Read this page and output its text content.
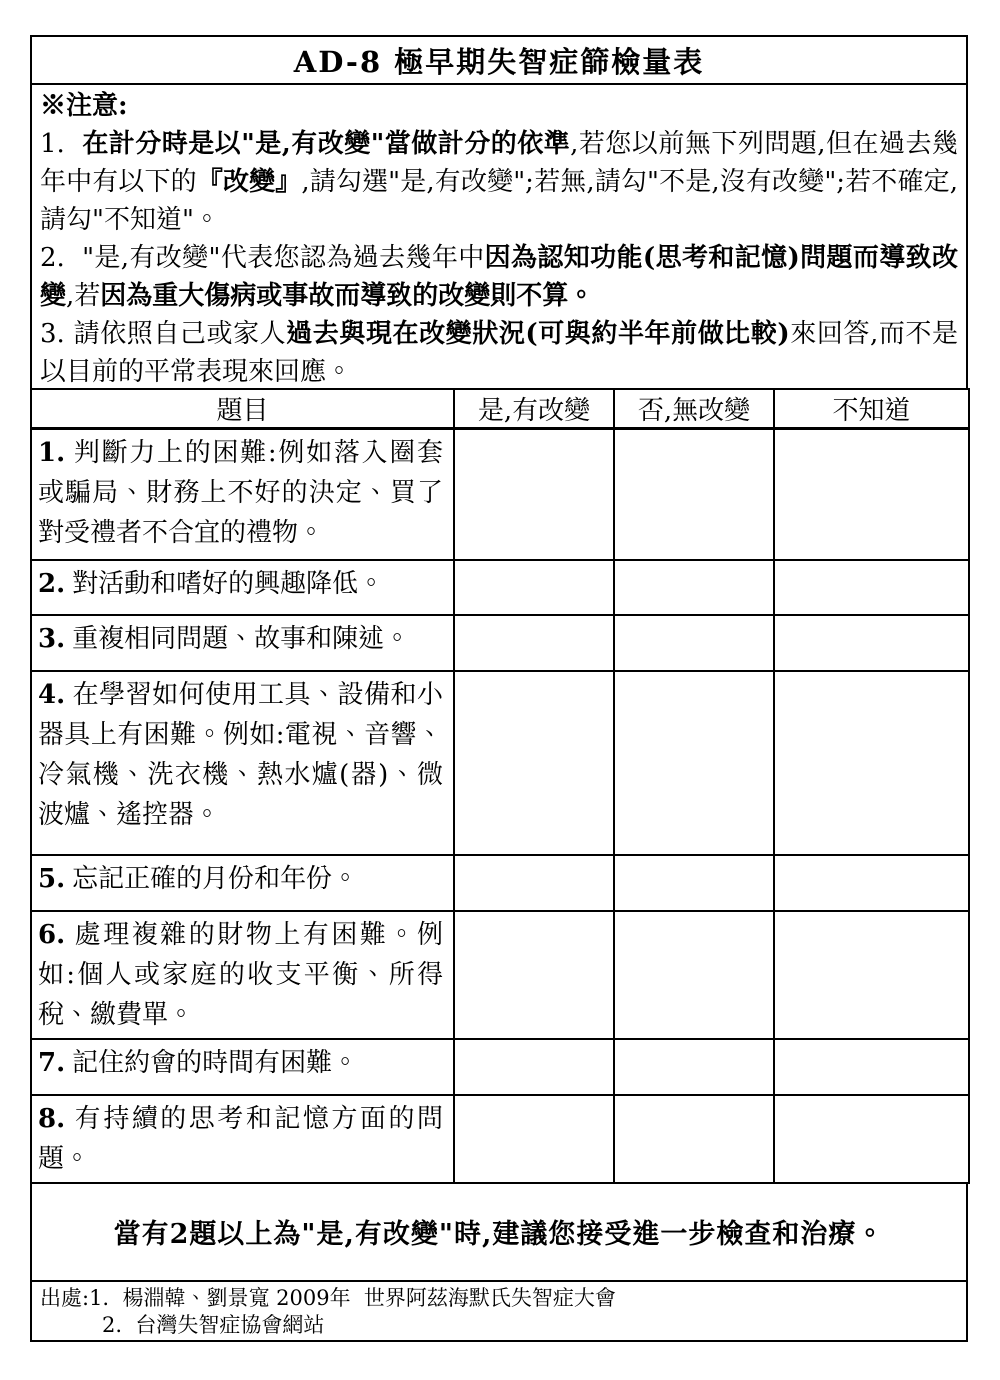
AD-8 極早期失智症篩檢量表
※注意:

1.  在計分時是以"是,有改變"當做計分的依準,若您以前無下列問題,但在過去幾年中有以下的『改變』,請勾選"是,有改變";若無,請勾"不是,沒有改變";若不確定,請勾"不知道"。

2.  "是,有改變"代表您認為過去幾年中因為認知功能(思考和記憶)問題而導致改變,若因為重大傷病或事故而導致的改變則不算。

3. 請依照自己或家人過去與現在改變狀況(可與約半年前做比較)來回答,而不是以目前的平常表現來回應。

題目	是,有改變	否,無改變	不知道
1. 判斷力上的困難:例如落入圈套或騙局、財務上不好的決定、買了對受禮者不合宜的禮物。			
2. 對活動和嗜好的興趣降低。			
3. 重複相同問題、故事和陳述。			
4. 在學習如何使用工具、設備和小器具上有困難。例如:電視、音響、冷氣機、洗衣機、熱水爐(器)、微波爐、遙控器。			
5. 忘記正確的月份和年份。			
6. 處理複雜的財物上有困難。例如:個人或家庭的收支平衡、所得稅、繳費單。			
7. 記住約會的時間有困難。			
8. 有持續的思考和記憶方面的問題。			

當有2題以上為"是,有改變"時,建議您接受進一步檢查和治療。

出處:1.  楊淵韓、劉景寬 2009年  世界阿茲海默氏失智症大會
2.  台灣失智症協會網站
